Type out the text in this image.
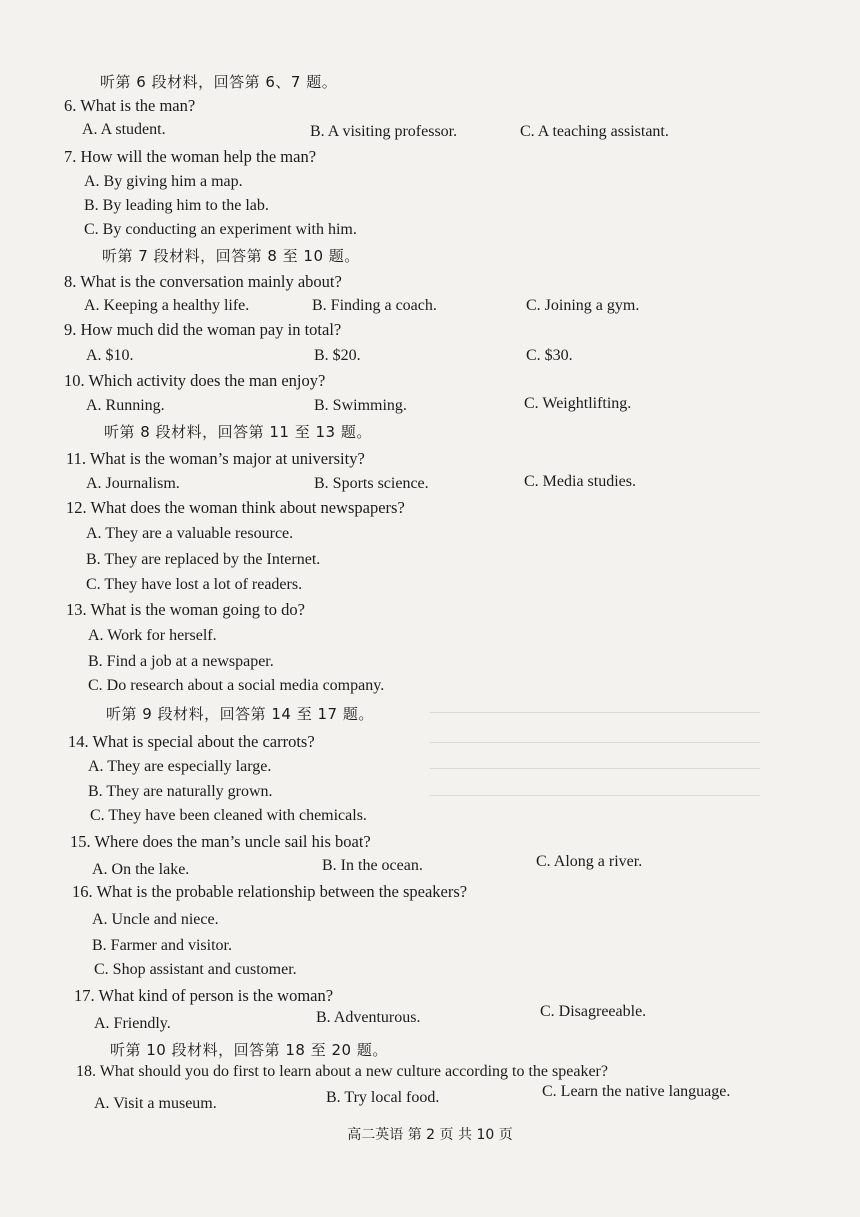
听第 6 段材料，回答第 6、7 题。
6. What is the man?
A. A student.	B. A visiting professor.	C. A teaching assistant.
7. How will the woman help the man?
A. By giving him a map.
B. By leading him to the lab.
C. By conducting an experiment with him.
听第 7 段材料，回答第 8 至 10 题。
8. What is the conversation mainly about?
A. Keeping a healthy life.	B. Finding a coach.	C. Joining a gym.
9. How much did the woman pay in total?
A. $10.	B. $20.	C. $30.
10. Which activity does the man enjoy?
A. Running.	B. Swimming.	C. Weightlifting.
听第 8 段材料，回答第 11 至 13 题。
11. What is the woman’s major at university?
A. Journalism.	B. Sports science.	C. Media studies.
12. What does the woman think about newspapers?
A. They are a valuable resource.
B. They are replaced by the Internet.
C. They have lost a lot of readers.
13. What is the woman going to do?
A. Work for herself.
B. Find a job at a newspaper.
C. Do research about a social media company.
听第 9 段材料，回答第 14 至 17 题。
14. What is special about the carrots?
A. They are especially large.
B. They are naturally grown.
C. They have been cleaned with chemicals.
15. Where does the man’s uncle sail his boat?
A. On the lake.	B. In the ocean.	C. Along a river.
16. What is the probable relationship between the speakers?
A. Uncle and niece.
B. Farmer and visitor.
C. Shop assistant and customer.
17. What kind of person is the woman?
A. Friendly.	B. Adventurous.	C. Disagreeable.
听第 10 段材料，回答第 18 至 20 题。
18. What should you do first to learn about a new culture according to the speaker?
A. Visit a museum.	B. Try local food.	C. Learn the native language.
高二英语 第 2 页 共 10 页
